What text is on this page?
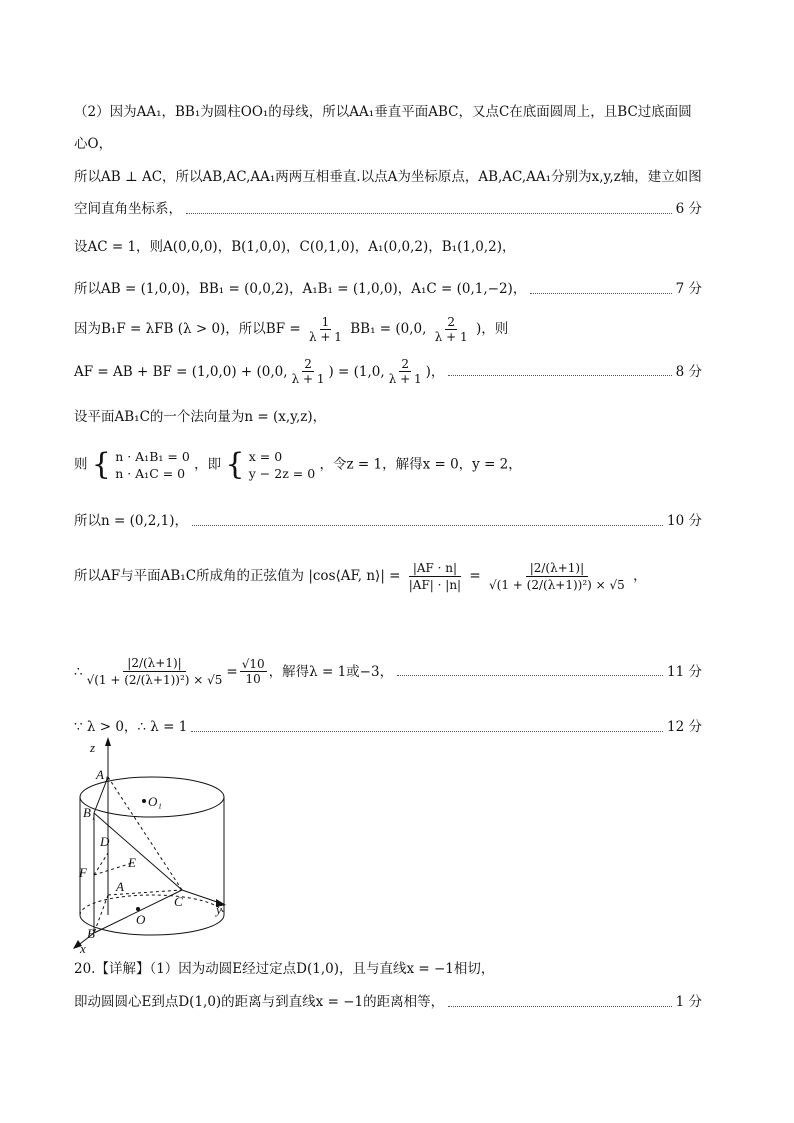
（2）因为AA₁，BB₁为圆柱OO₁的母线，所以AA₁垂直平面ABC，又点C在底面圆周上，且BC过底面圆
心O，
所以AB ⊥ AC，所以AB,AC,AA₁两两互相垂直.以点A为坐标原点，AB,AC,AA₁分别为x,y,z轴，建立如图
空间直角坐标系，	6 分
设AC = 1，则A(0,0,0)，B(1,0,0)，C(0,1,0)，A₁(0,0,2)，B₁(1,0,2)，
所以AB = (1,0,0)，BB₁ = (0,0,2)，A₁B₁ = (1,0,0)，A₁C = (0,1,−2)，	7 分
因为B₁F = λFB (λ > 0)，所以BF = $\frac{1}{\lambda + 1} BB_1 = (0,0$, $\frac{2}{\lambda + 1}$ )，则
AF = AB + BF = (1,0,0) + (0,0, $\frac{2}{\lambda + 1}$ ) = (1,0, $\frac{2}{\lambda + 1}$ )，	8 分
设平面AB₁C的一个法向量为n = (x,y,z)，
则 { n · A₁B₁ = 0
n · A₁C = 0
，即 { x = 0
y − 2z = 0
，令z = 1，解得x = 0，y = 2，
所以n = (0,2,1)，	10 分
所以AF与平面AB₁C所成角的正弦值为 |cos⟨AF, n⟩| = $\frac{|AF \cdot n|}{|AF| \cdot |n|} = \frac{|2/(\lambda+1)|}{\text{√(1 + (2/(λ+1))²) × √5}}$ ，
∴ $\frac{|2/(\lambda+1)|}{\text{√(1 + (2/(λ+1))²) × √5}} = \frac{√10}{10}$ ，解得λ = 1或−3，	11 分
∵ λ > 0，∴ λ = 1	12 分
z
A₁
O₁
B₁
D
E
F
A
C
O
y
B
x
20.【详解】（1）因为动圆E经过定点D(1,0)，且与直线x = −1相切，
即动圆圆心E到点D(1,0)的距离与到直线x = −1的距离相等，	1 分
